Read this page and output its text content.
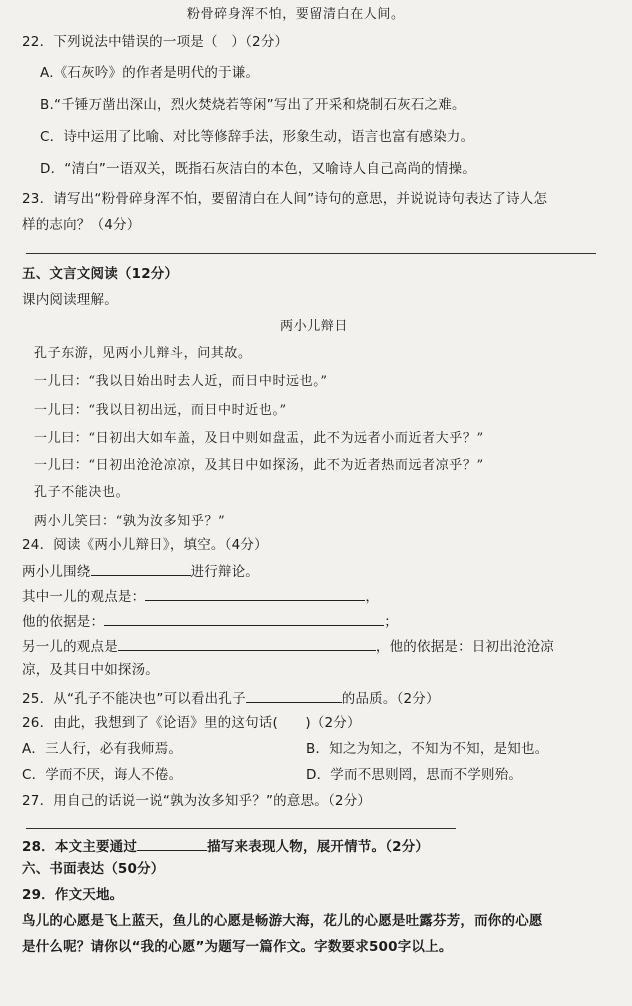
粉骨碎身浑不怕，要留清白在人间。
22．下列说法中错误的一项是（　）（2分）
A.《石灰吟》的作者是明代的于谦。
B.“千锤万凿出深山，烈火焚烧若等闲”写出了开采和烧制石灰石之难。
C．诗中运用了比喻、对比等修辞手法，形象生动，语言也富有感染力。
D．“清白”一语双关，既指石灰洁白的本色，又喻诗人自己高尚的情操。
23．请写出“粉骨碎身浑不怕，要留清白在人间”诗句的意思，并说说诗句表达了诗人怎
样的志向？（4分）
五、文言文阅读（12分）
课内阅读理解。
两小儿辩日
孔子东游，见两小儿辩斗，问其故。
一儿曰：“我以日始出时去人近，而日中时远也。”
一儿曰：“我以日初出远，而日中时近也。”
一儿曰：“日初出大如车盖，及日中则如盘盂，此不为远者小而近者大乎？”
一儿曰：“日初出沧沧凉凉，及其日中如探汤，此不为近者热而远者凉乎？”
孔子不能决也。
两小儿笑曰：“孰为汝多知乎？”
24．阅读《两小儿辩日》，填空。（4分）
两小儿围绕	进行辩论。
其中一儿的观点是：	，
他的依据是：	；
另一儿的观点是	，他的依据是：日初出沧沧凉
凉，及其日中如探汤。
25．从“孔子不能决也”可以看出孔子	的品质。（2分）
26．由此，我想到了《论语》里的这句话(　　)（2分）
A．三人行，必有我师焉。	B．知之为知之，不知为不知，是知也。
C．学而不厌，诲人不倦。	D．学而不思则罔，思而不学则殆。
27．用自己的话说一说“孰为汝多知乎？”的意思。（2分）
28．本文主要通过	描写来表现人物，展开情节。（2分）
六、书面表达（50分）
29．作文天地。
鸟儿的心愿是飞上蓝天，鱼儿的心愿是畅游大海，花儿的心愿是吐露芬芳，而你的心愿
是什么呢？请你以“我的心愿”为题写一篇作文。字数要求500字以上。
